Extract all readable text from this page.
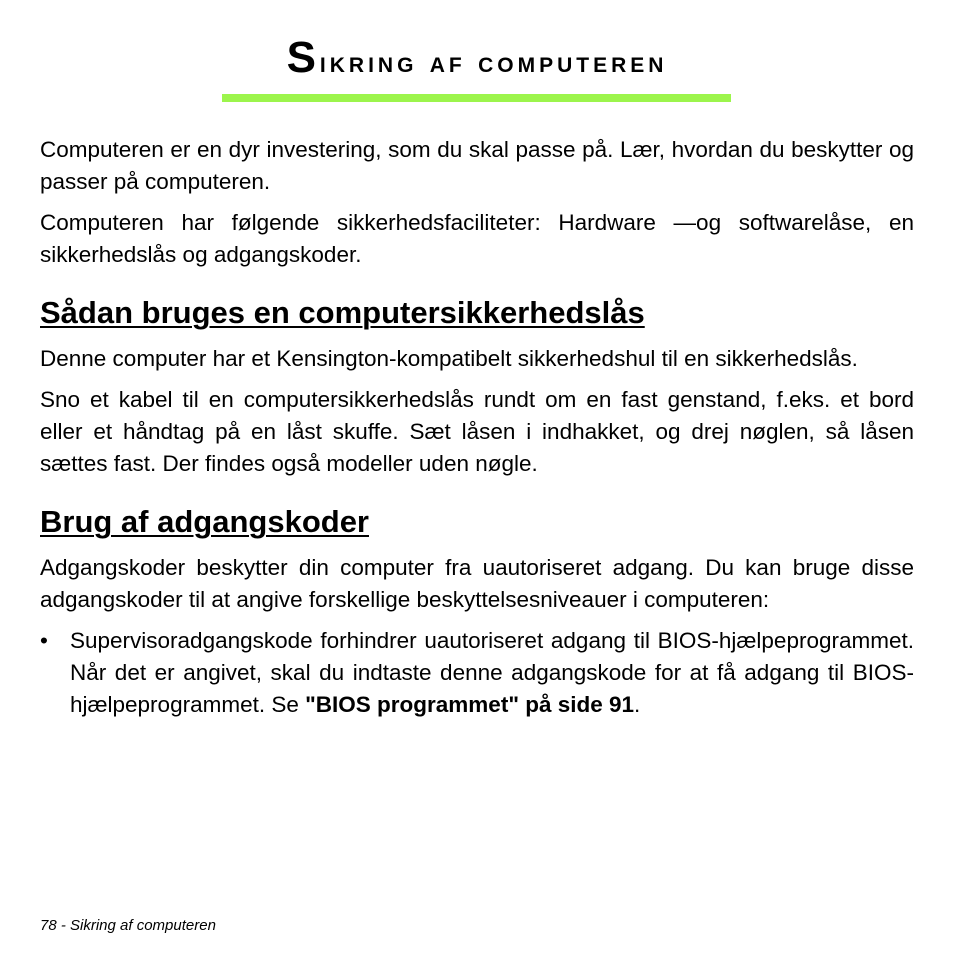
Sikring af computeren

Computeren er en dyr investering, som du skal passe på. Lær, hvordan du beskytter og passer på computeren.

Computeren har følgende sikkerhedsfaciliteter: Hardware —og softwarelåse, en sikkerhedslås og adgangskoder.

Sådan bruges en computersikkerhedslås

Denne computer har et Kensington-kompatibelt sikkerhedshul til en sikkerhedslås.

Sno et kabel til en computersikkerhedslås rundt om en fast genstand, f.eks. et bord eller et håndtag på en låst skuffe. Sæt låsen i indhakket, og drej nøglen, så låsen sættes fast. Der findes også modeller uden nøgle.

Brug af adgangskoder

Adgangskoder beskytter din computer fra uautoriseret adgang. Du kan bruge disse adgangskoder til at angive forskellige beskyttelsesniveauer i computeren:

• Supervisoradgangskode forhindrer uautoriseret adgang til BIOS-hjælpeprogrammet. Når det er angivet, skal du indtaste denne adgangskode for at få adgang til BIOS-hjælpeprogrammet. Se "BIOS programmet" på side 91.
78 - Sikring af computeren
